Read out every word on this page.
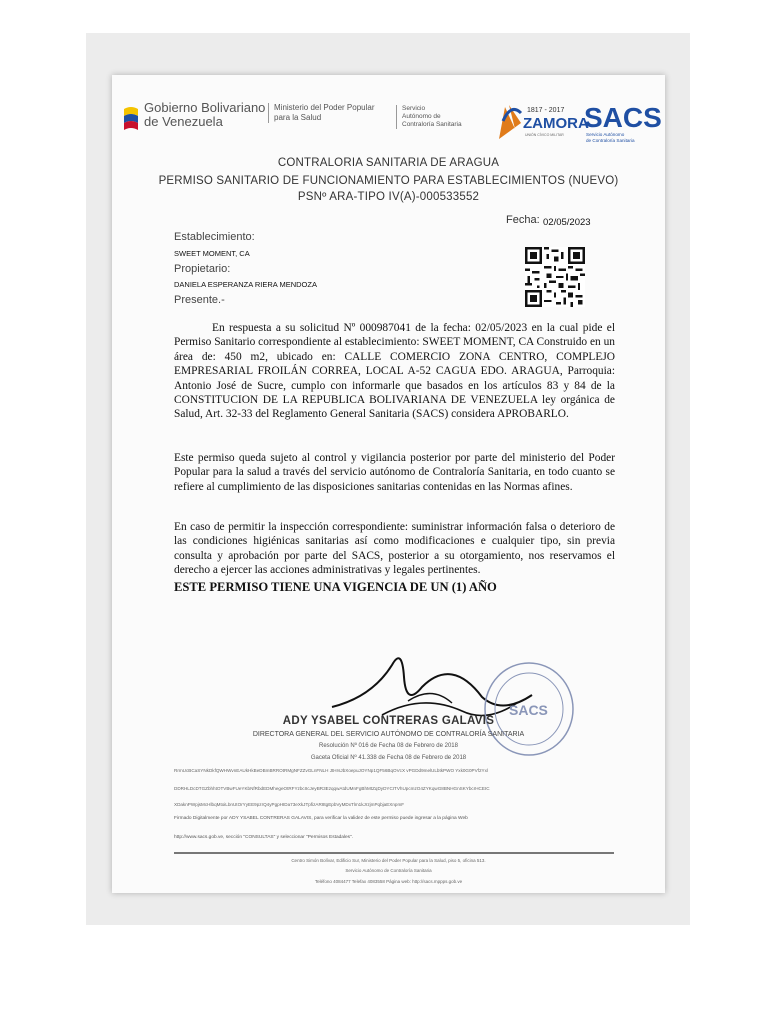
Gobierno Bolivariano
de Venezuela
Ministerio del Poder Popular
para la Salud
Servicio
Autónomo de
Contraloría Sanitaria
1817 - 2017
ZAMORA
UNIÓN CÍVICO MILITAR
SACS
Servicio Autónomo
de Contraloría Sanitaria
CONTRALORIA SANITARIA DE ARAGUA
PERMISO SANITARIO DE FUNCIONAMIENTO PARA ESTABLECIMIENTOS (NUEVO)
PSNº ARA-TIPO IV(A)-000533552
Fecha: 02/05/2023
Establecimiento:
SWEET MOMENT, CA
Propietario:
DANIELA ESPERANZA RIERA MENDOZA
Presente.-
En respuesta a su solicitud Nº 000987041 de la fecha: 02/05/2023 en la cual pide el Permiso Sanitario correspondiente al establecimiento: SWEET MOMENT, CA Construido en un área de: 450 m2, ubicado en: CALLE COMERCIO ZONA CENTRO, COMPLEJO EMPRESARIAL FROILÁN CORREA, LOCAL A-52 CAGUA EDO. ARAGUA, Parroquia: Antonio José de Sucre, cumplo con informarle que basados en los artículos 83 y 84 de la CONSTITUCION DE LA REPUBLICA BOLIVARIANA DE VENEZUELA ley orgánica de Salud, Art. 32-33 del Reglamento General Sanitaria (SACS) considera APROBARLO.
Este permiso queda sujeto al control y vigilancia posterior por parte del ministerio del Poder Popular para la salud a través del servicio autónomo de Contraloría Sanitaria, en todo cuanto se refiere al cumplimiento de las disposiciones sanitarias contenidas en las Normas afines.
En caso de permitir la inspección correspondiente: suministrar información falsa o deterioro de las condiciones higiénicas sanitarias así como modificaciones e cualquier tipo, sin previa consulta y aprobación por parte del SACS, posterior a su otorgamiento, nos reservamos el derecho a ejercer las acciones administrativas y legales pertinentes.
ESTE PERMISO TIENE UNA VIGENCIA DE UN (1) AÑO
SACS
ADY YSABEL CONTRERAS GALAVIS
DIRECTORA GENERAL DEL SERVICIO AUTÓNOMO DE CONTRALORÍA SANITARIA
Resolución Nº 016 de Fecha 08 de Febrero de 2018
Gaceta Oficial Nº 41.338 de Fecha 08 de Febrero de 2018
RrmUcBCaSYNkDkfQWHWvnEAUkHkBeDBmBRROtRMgNFZZvGLnFNLH JtHrsJbXoepuJOYNp1QF56BqOVcX vPGDd9melULbtkPWO Yxk0G0PVf2Yxl
DDRHLDcDTGZbhhtOTVBwFUeYKbNfRbdEDMhegeOtRFYzbcIIcJeyBR3EzqqwAtdUMnFgBhMtZqDyDYCITVhUpcmzO4ZYKqwG8BNHGnSKYbcrHCEIC
XDaknPWpjsMcHlbqMtoiLbnUtOrYyEE9pzrQ4yPgpHIDa73eXkJTpfizAR8tgEpbVyMDxTlm1kJrzjmPqbjaEXnpmF
Firmado Digitalmente por ADY YSABEL CONTRERAS GALAVIS, para verificar la validez de este permiso puede ingresar a la página Web
http://www.sacs.gob.ve, sección "CONSULTAS" y seleccionar "Permisos Estadales".
Centro Simón Bolívar, Edificio Sur, Ministerio del Poder Popular para la Salud, piso 5, oficina 513.
Servicio Autónomo de Contraloría Sanitaria
Teléfono 4084477 Telefax 4083558 Página web: http://sacs.mppps.gob.ve
